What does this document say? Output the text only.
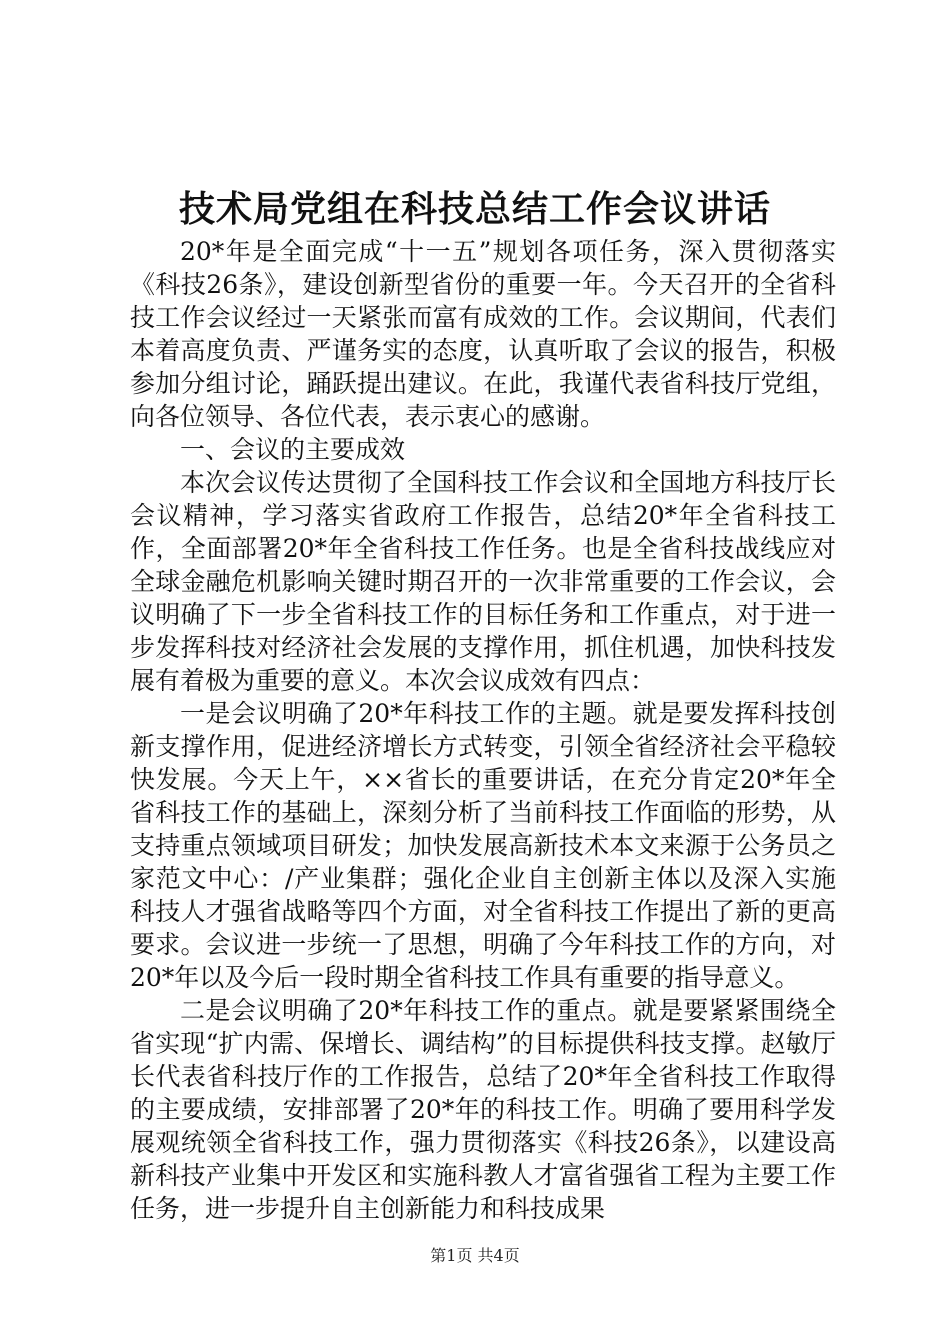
技术局党组在科技总结工作会议讲话

20*年是全面完成“十一五”规划各项任务，深入贯彻落实《科技26条》，建设创新型省份的重要一年。今天召开的全省科技工作会议经过一天紧张而富有成效的工作。会议期间，代表们本着高度负责、严谨务实的态度，认真听取了会议的报告，积极参加分组讨论，踊跃提出建议。在此，我谨代表省科技厅党组，向各位领导、各位代表，表示衷心的感谢。

一、会议的主要成效

本次会议传达贯彻了全国科技工作会议和全国地方科技厅长会议精神，学习落实省政府工作报告，总结20*年全省科技工作，全面部署20*年全省科技工作任务。也是全省科技战线应对全球金融危机影响关键时期召开的一次非常重要的工作会议，会议明确了下一步全省科技工作的目标任务和工作重点，对于进一步发挥科技对经济社会发展的支撑作用，抓住机遇，加快科技发展有着极为重要的意义。本次会议成效有四点：

一是会议明确了20*年科技工作的主题。就是要发挥科技创新支撑作用，促进经济增长方式转变，引领全省经济社会平稳较快发展。今天上午，××省长的重要讲话，在充分肯定20*年全省科技工作的基础上，深刻分析了当前科技工作面临的形势，从支持重点领域项目研发；加快发展高新技术本文来源于公务员之家范文中心：/产业集群；强化企业自主创新主体以及深入实施科技人才强省战略等四个方面，对全省科技工作提出了新的更高要求。会议进一步统一了思想，明确了今年科技工作的方向，对20*年以及今后一段时期全省科技工作具有重要的指导意义。

二是会议明确了20*年科技工作的重点。就是要紧紧围绕全省实现“扩内需、保增长、调结构”的目标提供科技支撑。赵敏厅长代表省科技厅作的工作报告，总结了20*年全省科技工作取得的主要成绩，安排部署了20*年的科技工作。明确了要用科学发展观统领全省科技工作，强力贯彻落实《科技26条》，以建设高新科技产业集中开发区和实施科教人才富省强省工程为主要工作任务，进一步提升自主创新能力和科技成果

第1页 共4页
